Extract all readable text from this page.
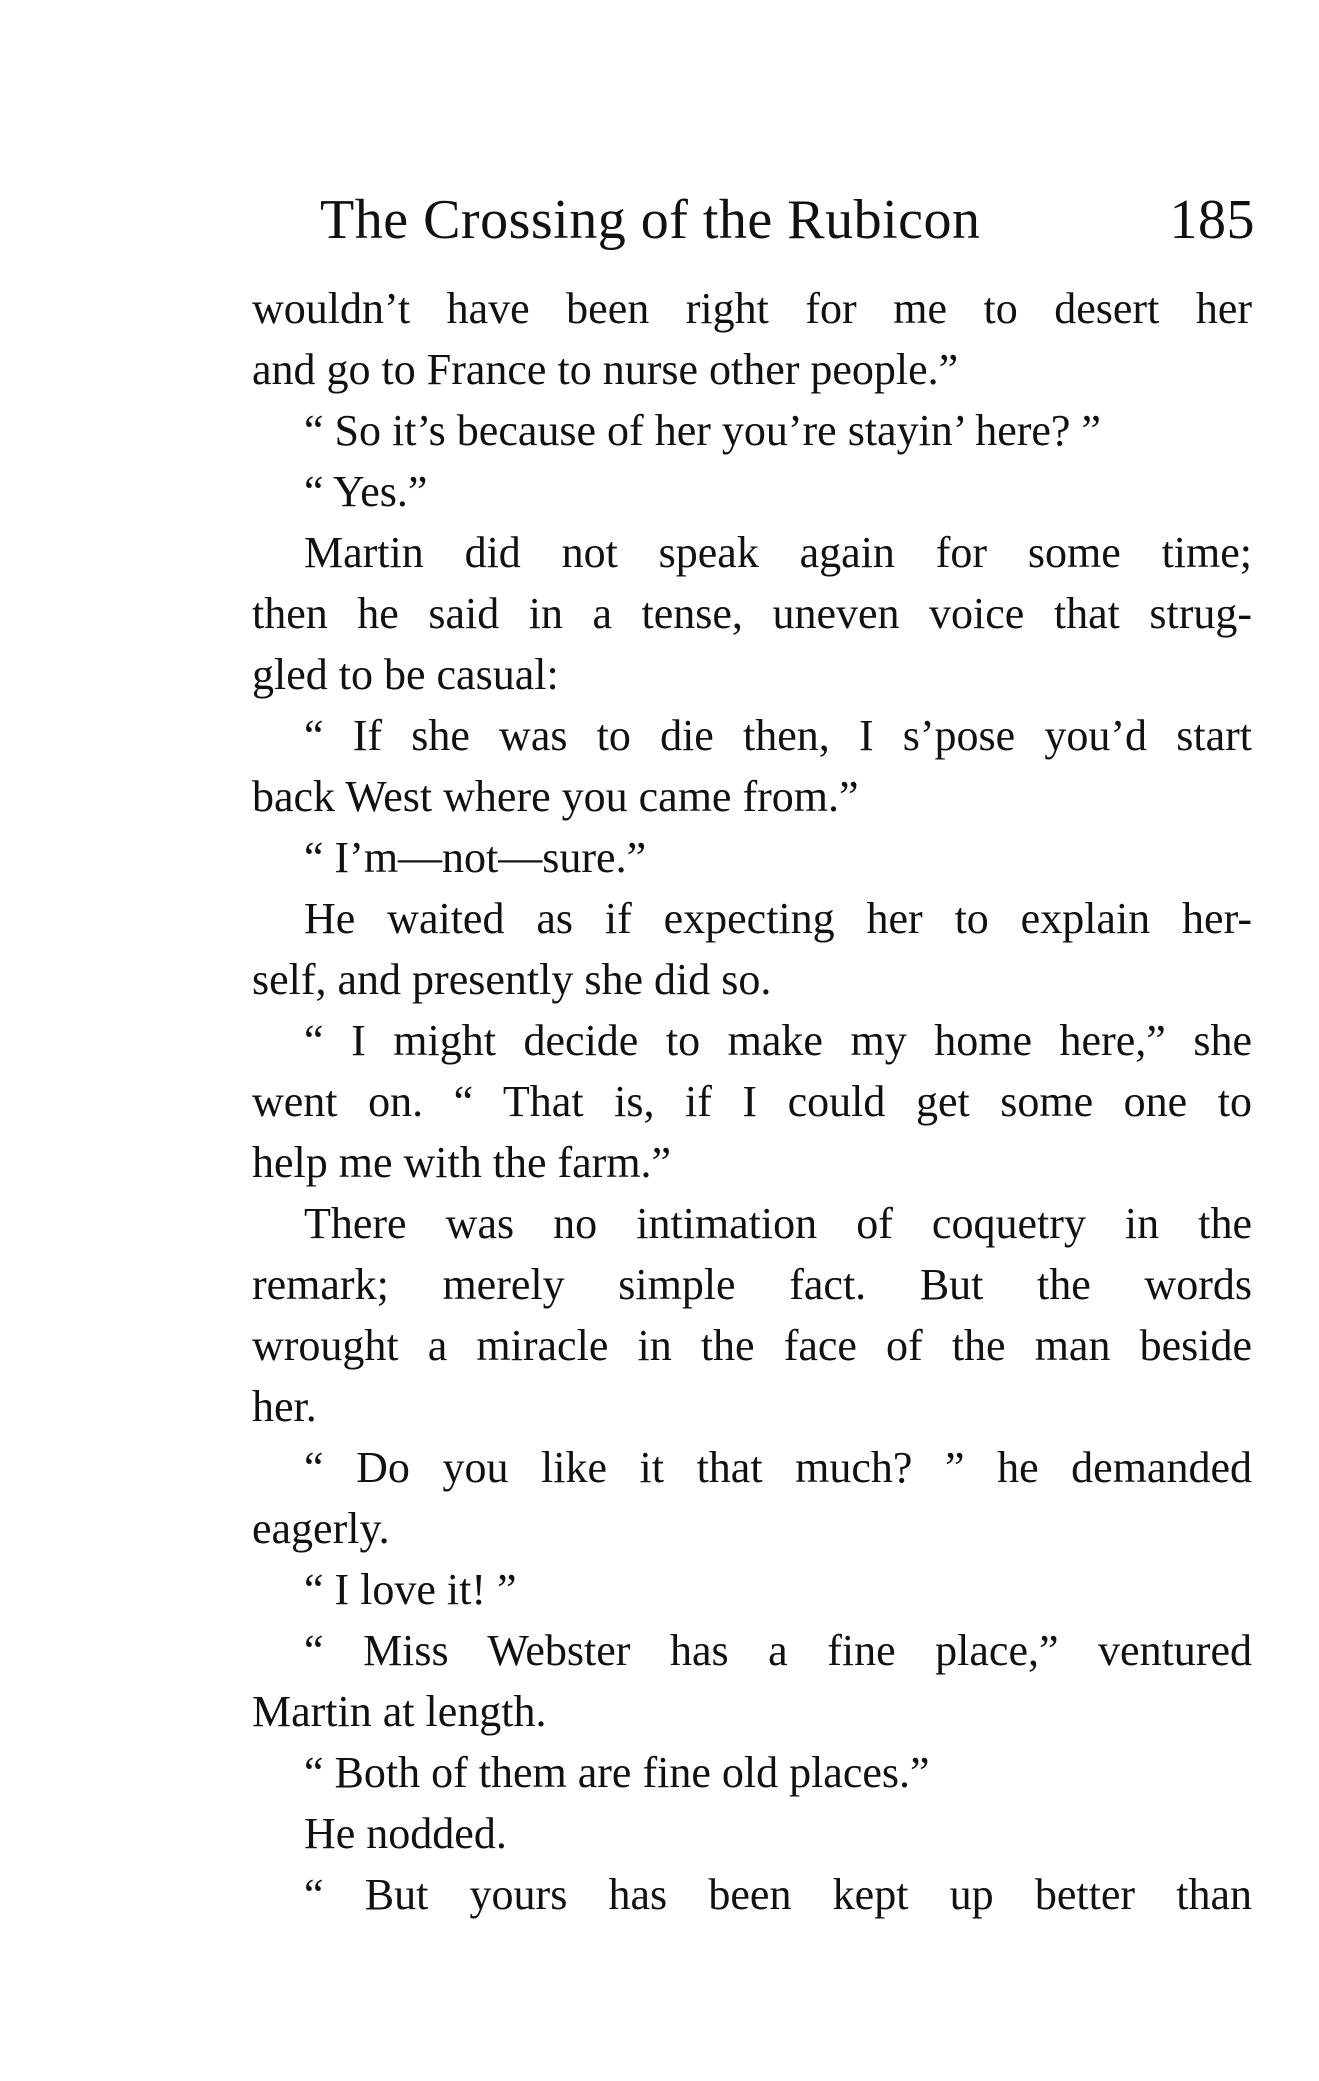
The Crossing of the Rubicon	185
wouldn’t have been right for me to desert her
and go to France to nurse other people.”
“ So it’s because of her you’re stayin’ here? ”
“ Yes.”
Martin did not speak again for some time;
then he said in a tense, uneven voice that strug-
gled to be casual:
“ If she was to die then, I s’pose you’d start
back West where you came from.”
“ I’m—not—sure.”
He waited as if expecting her to explain her-
self, and presently she did so.
“ I might decide to make my home here,” she
went on. “ That is, if I could get some one to
help me with the farm.”
There was no intimation of coquetry in the
remark; merely simple fact. But the words
wrought a miracle in the face of the man beside
her.
“ Do you like it that much? ” he demanded
eagerly.
“ I love it! ”
“ Miss Webster has a fine place,” ventured
Martin at length.
“ Both of them are fine old places.”
He nodded.
“ But yours has been kept up better than
